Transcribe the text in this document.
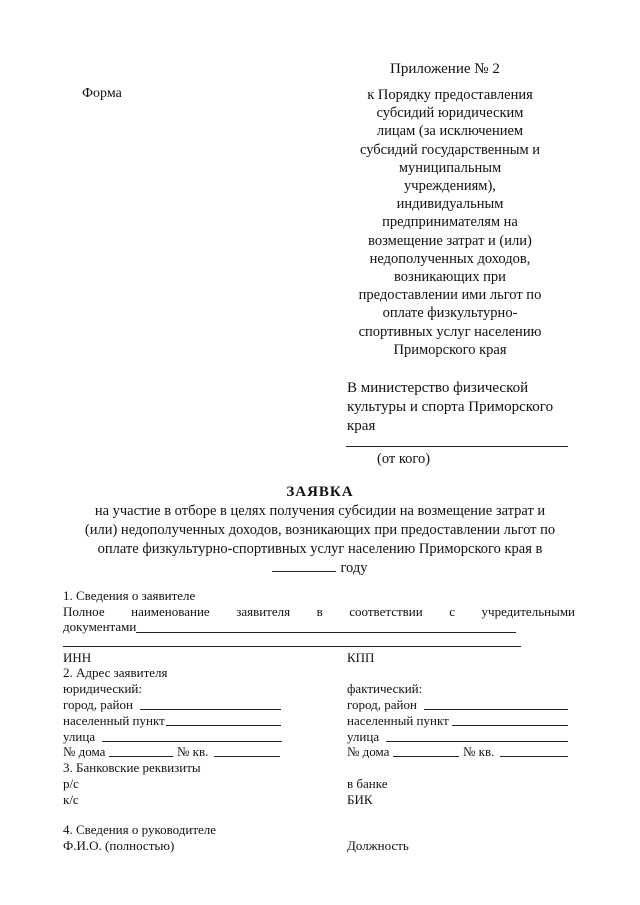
Приложение № 2
Форма	к Порядку предоставления
субсидий юридическим
лицам (за исключением
субсидий государственным и
муниципальным
учреждениям),
индивидуальным
предпринимателям на
возмещение затрат и (или)
недополученных доходов,
возникающих при
предоставлении ими льгот по
оплате физкультурно-
спортивных услуг населению
Приморского края
В министерство физической
культуры и спорта Приморского
края
(от кого)
ЗАЯВКА
на участие в отборе в целях получения субсидии на возмещение затрат и
(или) недополученных доходов, возникающих при предоставлении льгот по
оплате физкультурно-спортивных услуг населению Приморского края в
году
1. Сведения о заявителе
Полное наименование заявителя в соответствии с учредительными
документами
ИНН	КПП
2. Адрес заявителя
юридический:	фактический:
город, район	город, район
населенный пункт	населенный пункт
улица	улица
№ дома	№ кв.	№ дома	№ кв.
3. Банковские реквизиты
р/с	в банке
к/с	БИК
4. Сведения о руководителе
Ф.И.О. (полностью)	Должность
